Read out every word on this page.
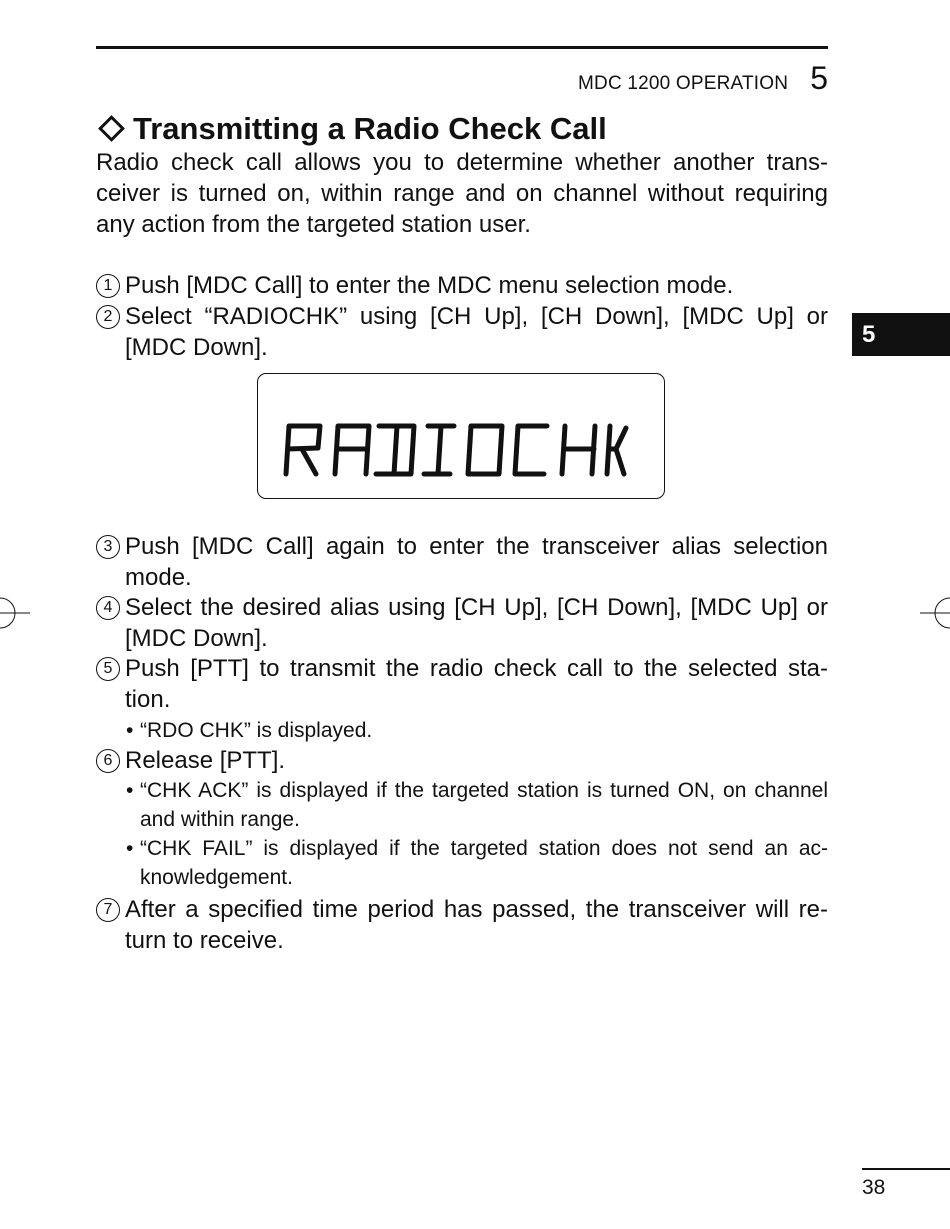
MDC 1200 OPERATION 5
Transmitting a Radio Check Call

Radio check call allows you to determine whether another trans-ceiver is turned on, within range and on channel without requiring any action from the targeted station user.

1 Push [MDC Call] to enter the MDC menu selection mode.
2 Select “RADIOCHK” using [CH Up], [CH Down], [MDC Up] or [MDC Down].
3 Push [MDC Call] again to enter the transceiver alias selection mode.
4 Select the desired alias using [CH Up], [CH Down], [MDC Up] or [MDC Down].
5 Push [PTT] to transmit the radio check call to the selected sta-tion.
• “RDO CHK” is displayed.
6 Release [PTT].
• “CHK ACK” is displayed if the targeted station is turned ON, on channel and within range.
• “CHK FAIL” is displayed if the targeted station does not send an ac-knowledgement.
7 After a specified time period has passed, the transceiver will re-turn to receive.
5
38
